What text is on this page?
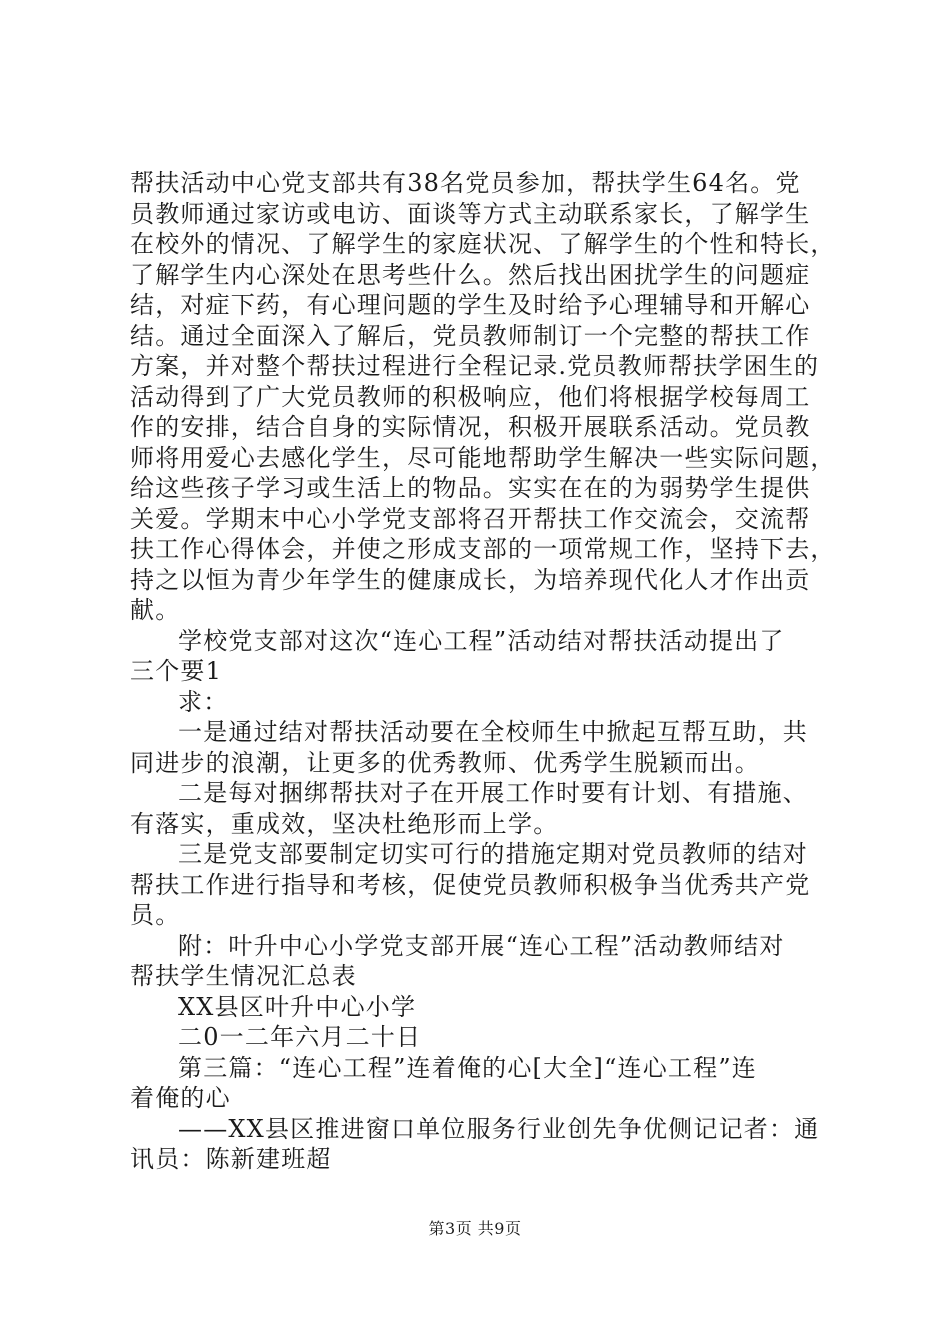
帮扶活动中心党支部共有38名党员参加，帮扶学生64名。党
员教师通过家访或电访、面谈等方式主动联系家长，了解学生
在校外的情况、了解学生的家庭状况、了解学生的个性和特长，
了解学生内心深处在思考些什么。然后找出困扰学生的问题症
结，对症下药，有心理问题的学生及时给予心理辅导和开解心
结。通过全面深入了解后，党员教师制订一个完整的帮扶工作
方案，并对整个帮扶过程进行全程记录.党员教师帮扶学困生的
活动得到了广大党员教师的积极响应，他们将根据学校每周工
作的安排，结合自身的实际情况，积极开展联系活动。党员教
师将用爱心去感化学生，尽可能地帮助学生解决一些实际问题，
给这些孩子学习或生活上的物品。实实在在的为弱势学生提供
关爱。学期末中心小学党支部将召开帮扶工作交流会，交流帮
扶工作心得体会，并使之形成支部的一项常规工作，坚持下去，
持之以恒为青少年学生的健康成长，为培养现代化人才作出贡
献。
学校党支部对这次“连心工程”活动结对帮扶活动提出了
三个要1
求：
一是通过结对帮扶活动要在全校师生中掀起互帮互助，共
同进步的浪潮，让更多的优秀教师、优秀学生脱颖而出。
二是每对捆绑帮扶对子在开展工作时要有计划、有措施、
有落实，重成效，坚决杜绝形而上学。
三是党支部要制定切实可行的措施定期对党员教师的结对
帮扶工作进行指导和考核，促使党员教师积极争当优秀共产党
员。
附：叶升中心小学党支部开展“连心工程”活动教师结对
帮扶学生情况汇总表
XX县区叶升中心小学
二0一二年六月二十日
第三篇：“连心工程”连着俺的心[大全]“连心工程”连
着俺的心
——XX县区推进窗口单位服务行业创先争优侧记记者：通
讯员：陈新建班超

第3页 共9页
